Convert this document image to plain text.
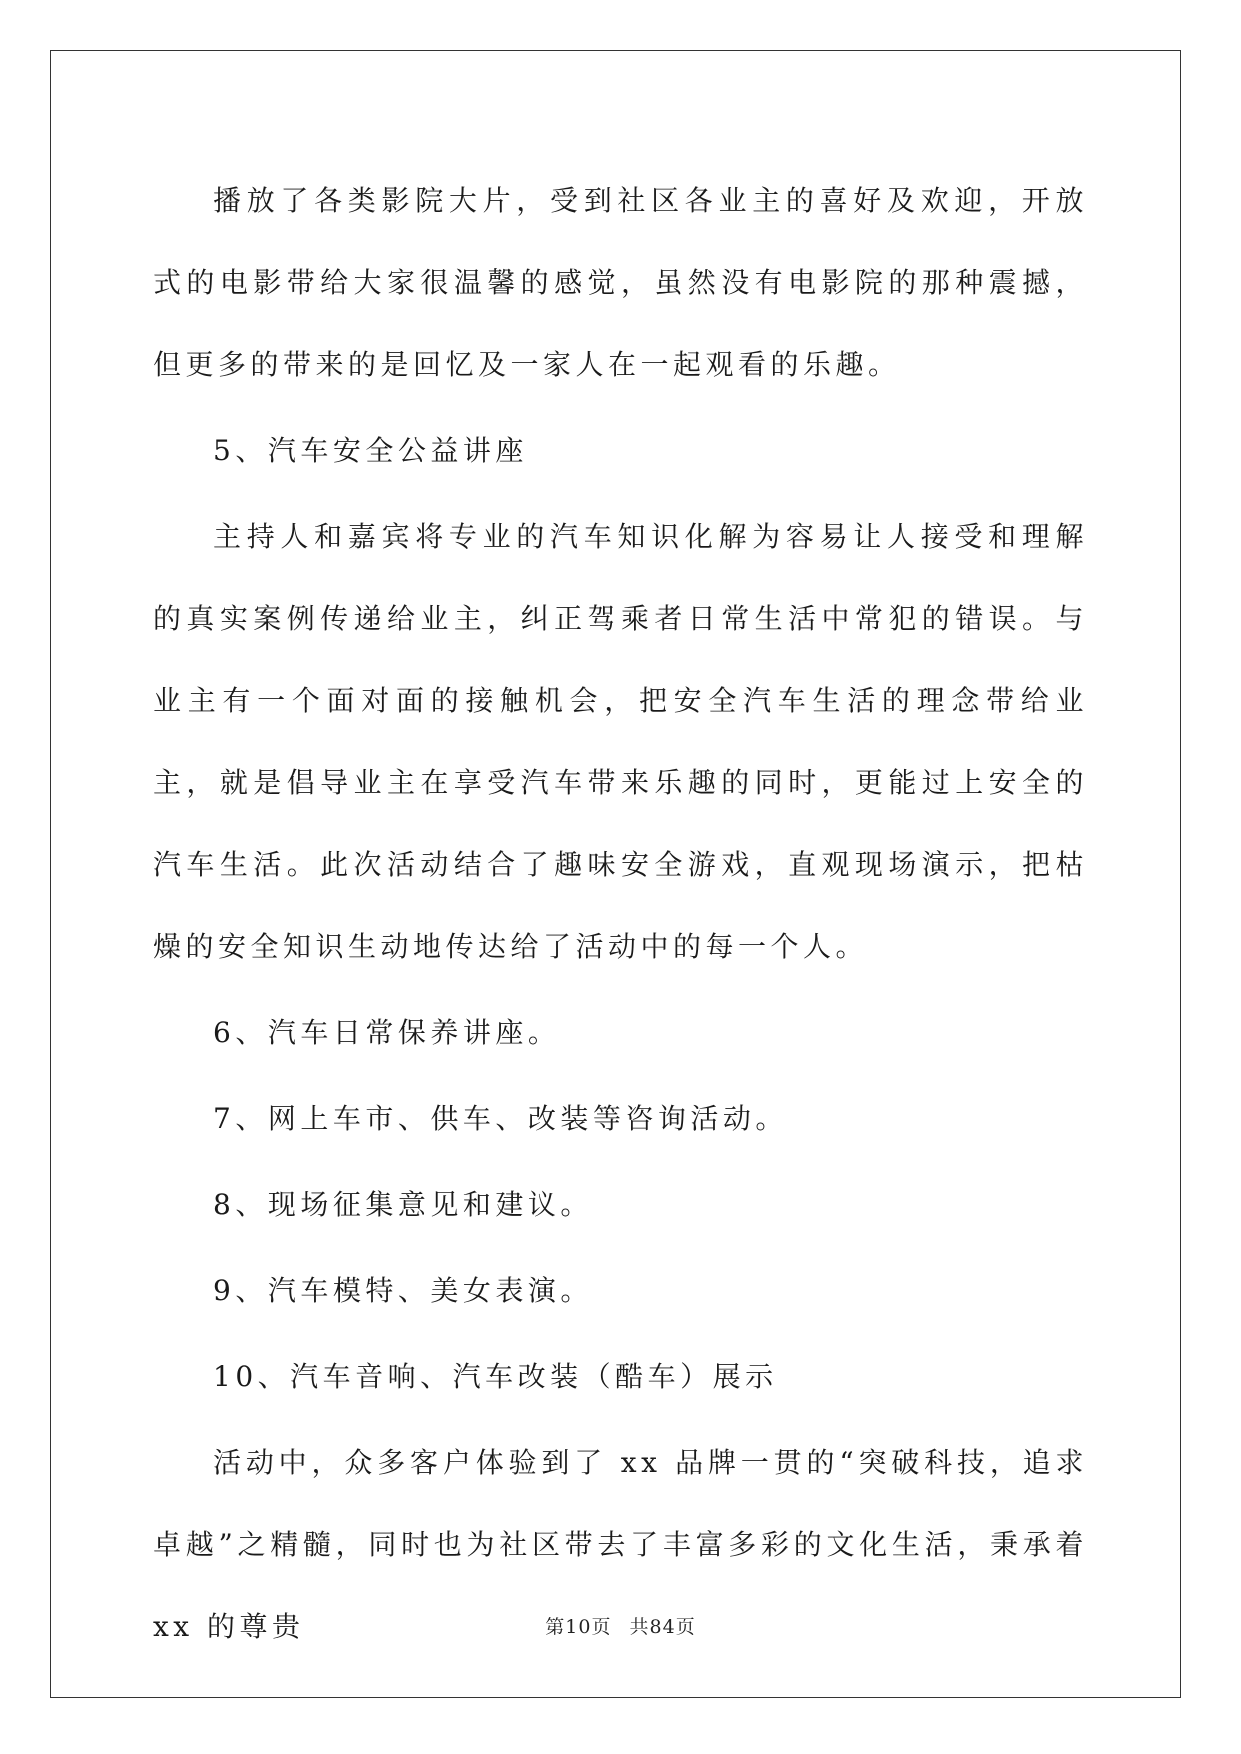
播放了各类影院大片，受到社区各业主的喜好及欢迎，开放式的电影带给大家很温馨的感觉，虽然没有电影院的那种震撼，但更多的带来的是回忆及一家人在一起观看的乐趣。

5、汽车安全公益讲座

主持人和嘉宾将专业的汽车知识化解为容易让人接受和理解的真实案例传递给业主，纠正驾乘者日常生活中常犯的错误。与业主有一个面对面的接触机会，把安全汽车生活的理念带给业主，就是倡导业主在享受汽车带来乐趣的同时，更能过上安全的汽车生活。此次活动结合了趣味安全游戏，直观现场演示，把枯燥的安全知识生动地传达给了活动中的每一个人。

6、汽车日常保养讲座。

7、网上车市、供车、改装等咨询活动。

8、现场征集意见和建议。

9、汽车模特、美女表演。

10、汽车音响、汽车改装（酷车）展示

活动中，众多客户体验到了 xx 品牌一贯的“突破科技，追求卓越”之精髓，同时也为社区带去了丰富多彩的文化生活，秉承着 xx 的尊贵	第10页 共84页
